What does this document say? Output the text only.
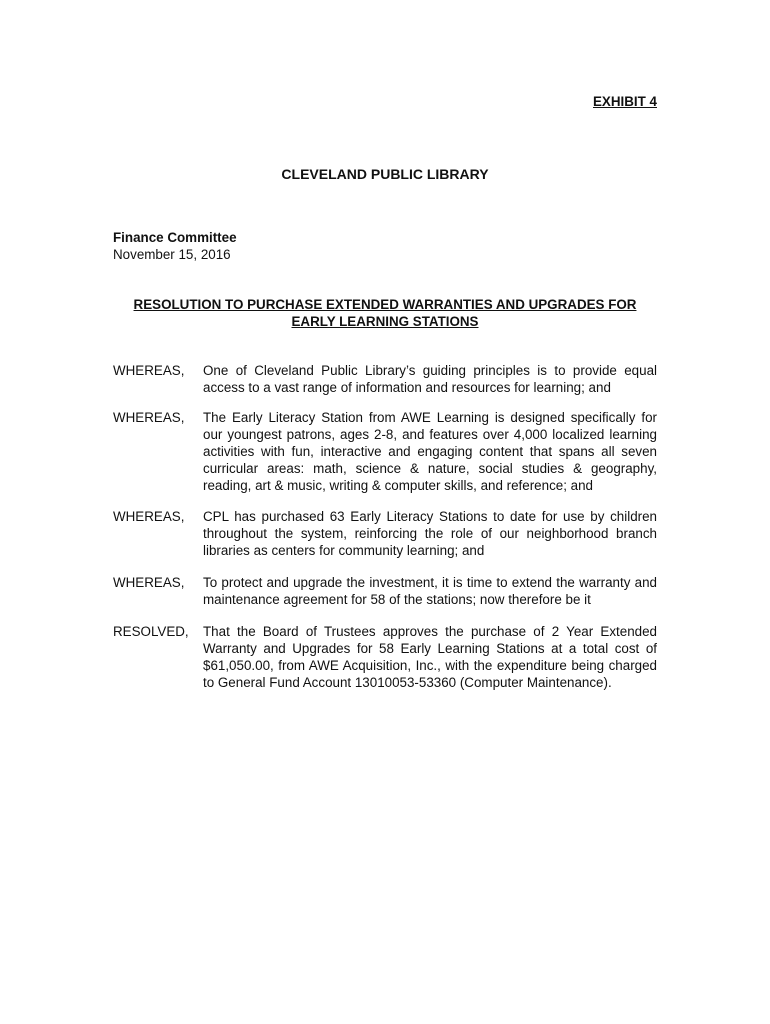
EXHIBIT 4
CLEVELAND PUBLIC LIBRARY
Finance Committee
November 15, 2016
RESOLUTION TO PURCHASE EXTENDED WARRANTIES AND UPGRADES FOR EARLY LEARNING STATIONS
WHEREAS,	One of Cleveland Public Library’s guiding principles is to provide equal access to a vast range of information and resources for learning; and
WHEREAS,	The Early Literacy Station from AWE Learning is designed specifically for our youngest patrons, ages 2-8, and features over 4,000 localized learning activities with fun, interactive and engaging content that spans all seven curricular areas: math, science & nature, social studies & geography, reading, art & music, writing & computer skills, and reference; and
WHEREAS,	CPL has purchased 63 Early Literacy Stations to date for use by children throughout the system, reinforcing the role of our neighborhood branch libraries as centers for community learning; and
WHEREAS,	To protect and upgrade the investment, it is time to extend the warranty and maintenance agreement for 58 of the stations; now therefore be it
RESOLVED,	That the Board of Trustees approves the purchase of 2 Year Extended Warranty and Upgrades for 58 Early Learning Stations at a total cost of $61,050.00, from AWE Acquisition, Inc., with the expenditure being charged to General Fund Account 13010053-53360 (Computer Maintenance).
